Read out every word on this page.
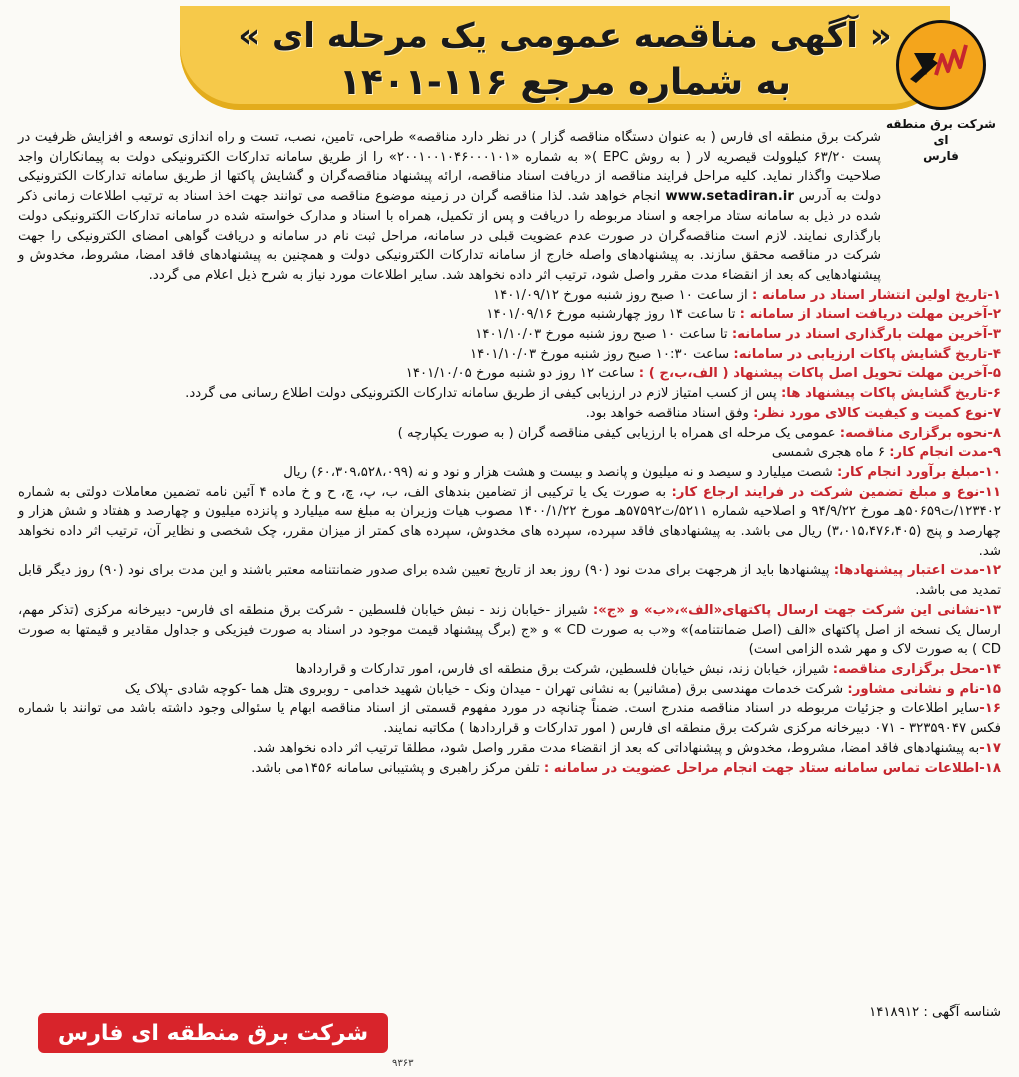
« آگهی مناقصه عمومی یک مرحله ای »
به شماره مرجع ۱۱۶-۱۴۰۱
شرکت برق منطقه ای
فارس

شرکت برق منطقه ای فارس ( به عنوان دستگاه مناقصه گزار ) در نظر دارد مناقصه» طراحی، تامین، نصب، تست و راه اندازی توسعه و افزایش ظرفیت در پست ۶۳/۲۰ کیلوولت قیصریه لار ( به روش EPC )« به شماره «۲۰۰۱۰۰۱۰۴۶۰۰۰۱۰۱» را از طریق سامانه تدارکات الکترونیکی دولت به پیمانکاران واجد صلاحیت واگذار نماید. کلیه مراحل فرایند مناقصه از دریافت اسناد مناقصه، ارائه پیشنهاد مناقصه‌گران و گشایش پاکتها از طریق سامانه تدارکات الکترونیکی دولت به آدرس www.setadiran.ir انجام خواهد شد. لذا مناقصه گران در زمینه موضوع مناقصه می توانند جهت اخذ اسناد به ترتیب اطلاعات زمانی ذکر شده در ذیل به سامانه ستاد مراجعه و اسناد مربوطه را دریافت و پس از تکمیل، همراه با اسناد و مدارک خواسته شده در سامانه تدارکات الکترونیکی دولت بارگذاری نمایند. لازم است مناقصه‌گران در صورت عدم عضویت قبلی در سامانه، مراحل ثبت نام در سامانه و دریافت گواهی امضای الکترونیکی را جهت شرکت در مناقصه محقق سازند. به پیشنهادهای واصله خارج از سامانه تدارکات الکترونیکی دولت و همچنین به پیشنهادهای فاقد امضا، مشروط، مخدوش و پیشنهادهایی که بعد از انقضاء مدت مقرر واصل شود، ترتیب اثر داده نخواهد شد. سایر اطلاعات مورد نیاز به شرح ذیل اعلام می گردد.

۱-تاریخ اولین انتشار اسناد در سامانه : از ساعت ۱۰ صبح روز شنبه مورخ ۱۴۰۱/۰۹/۱۲

۲-آخرین مهلت دریافت اسناد از سامانه : تا ساعت ۱۴ روز چهارشنبه مورخ ۱۴۰۱/۰۹/۱۶

۳-آخرین مهلت بارگذاری اسناد در سامانه: تا ساعت ۱۰ صبح روز شنبه مورخ ۱۴۰۱/۱۰/۰۳

۴-تاریخ گشایش پاکات ارزیابی در سامانه: ساعت ۱۰:۳۰ صبح روز شنبه مورخ ۱۴۰۱/۱۰/۰۳

۵-آخرین مهلت تحویل اصل پاکات پیشنهاد ( الف،ب،ج ) : ساعت ۱۲ روز دو شنبه مورخ ۱۴۰۱/۱۰/۰۵

۶-تاریخ گشایش پاکات پیشنهاد ها: پس از کسب امتیاز لازم در ارزیابی کیفی از طریق سامانه تدارکات الکترونیکی دولت اطلاع رسانی می گردد.

۷-نوع کمیت و کیفیت کالای مورد نظر: وفق اسناد مناقصه خواهد بود.

۸-نحوه برگزاری مناقصه: عمومی یک مرحله ای همراه با ارزیابی کیفی مناقصه گران ( به صورت یکپارچه )

۹-مدت انجام کار: ۶ ماه هجری شمسی

۱۰-مبلغ برآورد انجام کار: شصت میلیارد و سیصد و نه میلیون و پانصد و بیست و هشت هزار و نود و نه (۶۰،۳۰۹،۵۲۸،۰۹۹) ریال

۱۱-نوع و مبلغ تضمین شرکت در فرایند ارجاع کار: به صورت یک یا ترکیبی از تضامین بندهای الف، ب، پ، چ، ح و خ ماده ۴ آئین نامه تضمین معاملات دولتی به شماره ۱۲۳۴۰۲/ت۵۰۶۵۹هـ مورخ ۹۴/۹/۲۲ و اصلاحیه شماره ۵۲۱۱/ت۵۷۵۹۲هـ مورخ ۱۴۰۰/۱/۲۲ مصوب هیات وزیران به مبلغ سه میلیارد و پانزده میلیون و چهارصد و هفتاد و شش هزار و چهارصد و پنج (۳،۰۱۵،۴۷۶،۴۰۵) ریال می باشد. به پیشنهادهای فاقد سپرده، سپرده های مخدوش، سپرده های کمتر از میزان مقرر، چک شخصی و نظایر آن، ترتیب اثر داده نخواهد شد.

۱۲-مدت اعتبار پیشنهادها: پیشنهادها باید از هرجهت برای مدت نود (۹۰) روز بعد از تاریخ تعیین شده برای صدور ضمانتنامه معتبر باشند و این مدت برای نود (۹۰) روز دیگر قابل تمدید می باشد.

۱۳-نشانی این شرکت جهت ارسال پاکتهای«الف»،«ب» و «ج»: شیراز -خیابان زند - نبش خیابان فلسطین - شرکت برق منطقه ای فارس- دبیرخانه مرکزی (تذکر مهم، ارسال یک نسخه از اصل پاکتهای «الف (اصل ضمانتنامه)» و«ب به صورت CD » و «ج (برگ پیشنهاد قیمت موجود در اسناد به صورت فیزیکی و جداول مقادیر و قیمتها به صورت CD ) به صورت لاک و مهر شده الزامی است)

۱۴-محل برگزاری مناقصه: شیراز، خیابان زند، نبش خیابان فلسطین، شرکت برق منطقه ای فارس، امور تدارکات و قراردادها

۱۵-نام و نشانی مشاور: شرکت خدمات مهندسی برق (مشانیر) به نشانی تهران - میدان ونک - خیابان شهید خدامی - روبروی هتل هما -کوچه شادی -پلاک یک

۱۶-سایر اطلاعات و جزئیات مربوطه در اسناد مناقصه مندرج است. ضمناً چنانچه در مورد مفهوم قسمتی از اسناد مناقصه ابهام یا سئوالی وجود داشته باشد می توانند با شماره فکس ۳۲۳۵۹۰۴۷ - ۰۷۱ دبیرخانه مرکزی شرکت برق منطقه ای فارس ( امور تدارکات و قراردادها ) مکاتبه نمایند.

۱۷-به پیشنهادهای فاقد امضا، مشروط، مخدوش و پیشنهاداتی که بعد از انقضاء مدت مقرر واصل شود، مطلقا ترتیب اثر داده نخواهد شد.

۱۸-اطلاعات تماس سامانه ستاد جهت انجام مراحل عضویت در سامانه : تلفن مرکز راهبری و پشتیبانی سامانه ۱۴۵۶می باشد.

شناسه آگهی : ۱۴۱۸۹۱۲
شرکت برق منطقه ای فارس
۹۳۶۳
